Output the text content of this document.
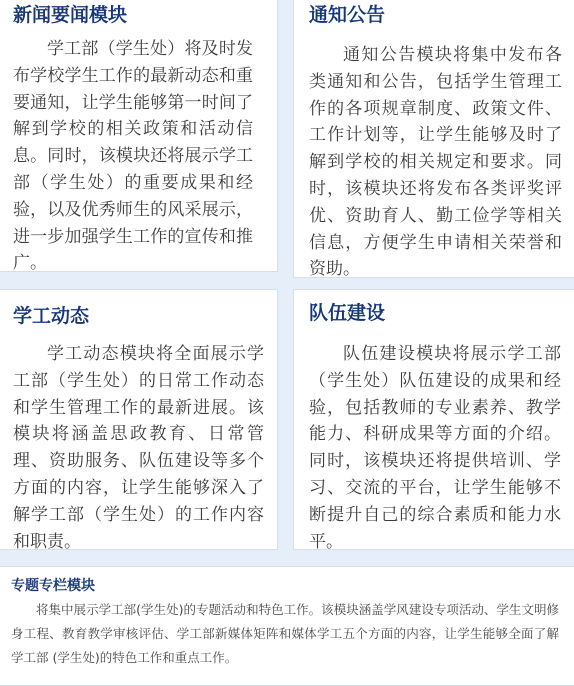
新闻要闻模块
学工部（学生处）将及时发布学校学生工作的最新动态和重要通知，让学生能够第一时间了解到学校的相关政策和活动信息。同时，该模块还将展示学工部（学生处）的重要成果和经验，以及优秀师生的风采展示，进一步加强学生工作的宣传和推广。
通知公告
通知公告模块将集中发布各类通知和公告，包括学生管理工作的各项规章制度、政策文件、工作计划等，让学生能够及时了解到学校的相关规定和要求。同时，该模块还将发布各类评奖评优、资助育人、勤工俭学等相关信息，方便学生申请相关荣誉和资助。
学工动态
学工动态模块将全面展示学工部（学生处）的日常工作动态和学生管理工作的最新进展。该模块将涵盖思政教育、日常管理、资助服务、队伍建设等多个方面的内容，让学生能够深入了解学工部（学生处）的工作内容和职责。
队伍建设
队伍建设模块将展示学工部（学生处）队伍建设的成果和经验，包括教师的专业素养、教学能力、科研成果等方面的介绍。同时，该模块还将提供培训、学习、交流的平台，让学生能够不断提升自己的综合素质和能力水平。
专题专栏模块
将集中展示学工部(学生处)的专题活动和特色工作。该模块涵盖学风建设专项活动、学生文明修身工程、教育教学审核评估、学工部新媒体矩阵和媒体学工五个方面的内容，让学生能够全面了解学工部 (学生处)的特色工作和重点工作。
